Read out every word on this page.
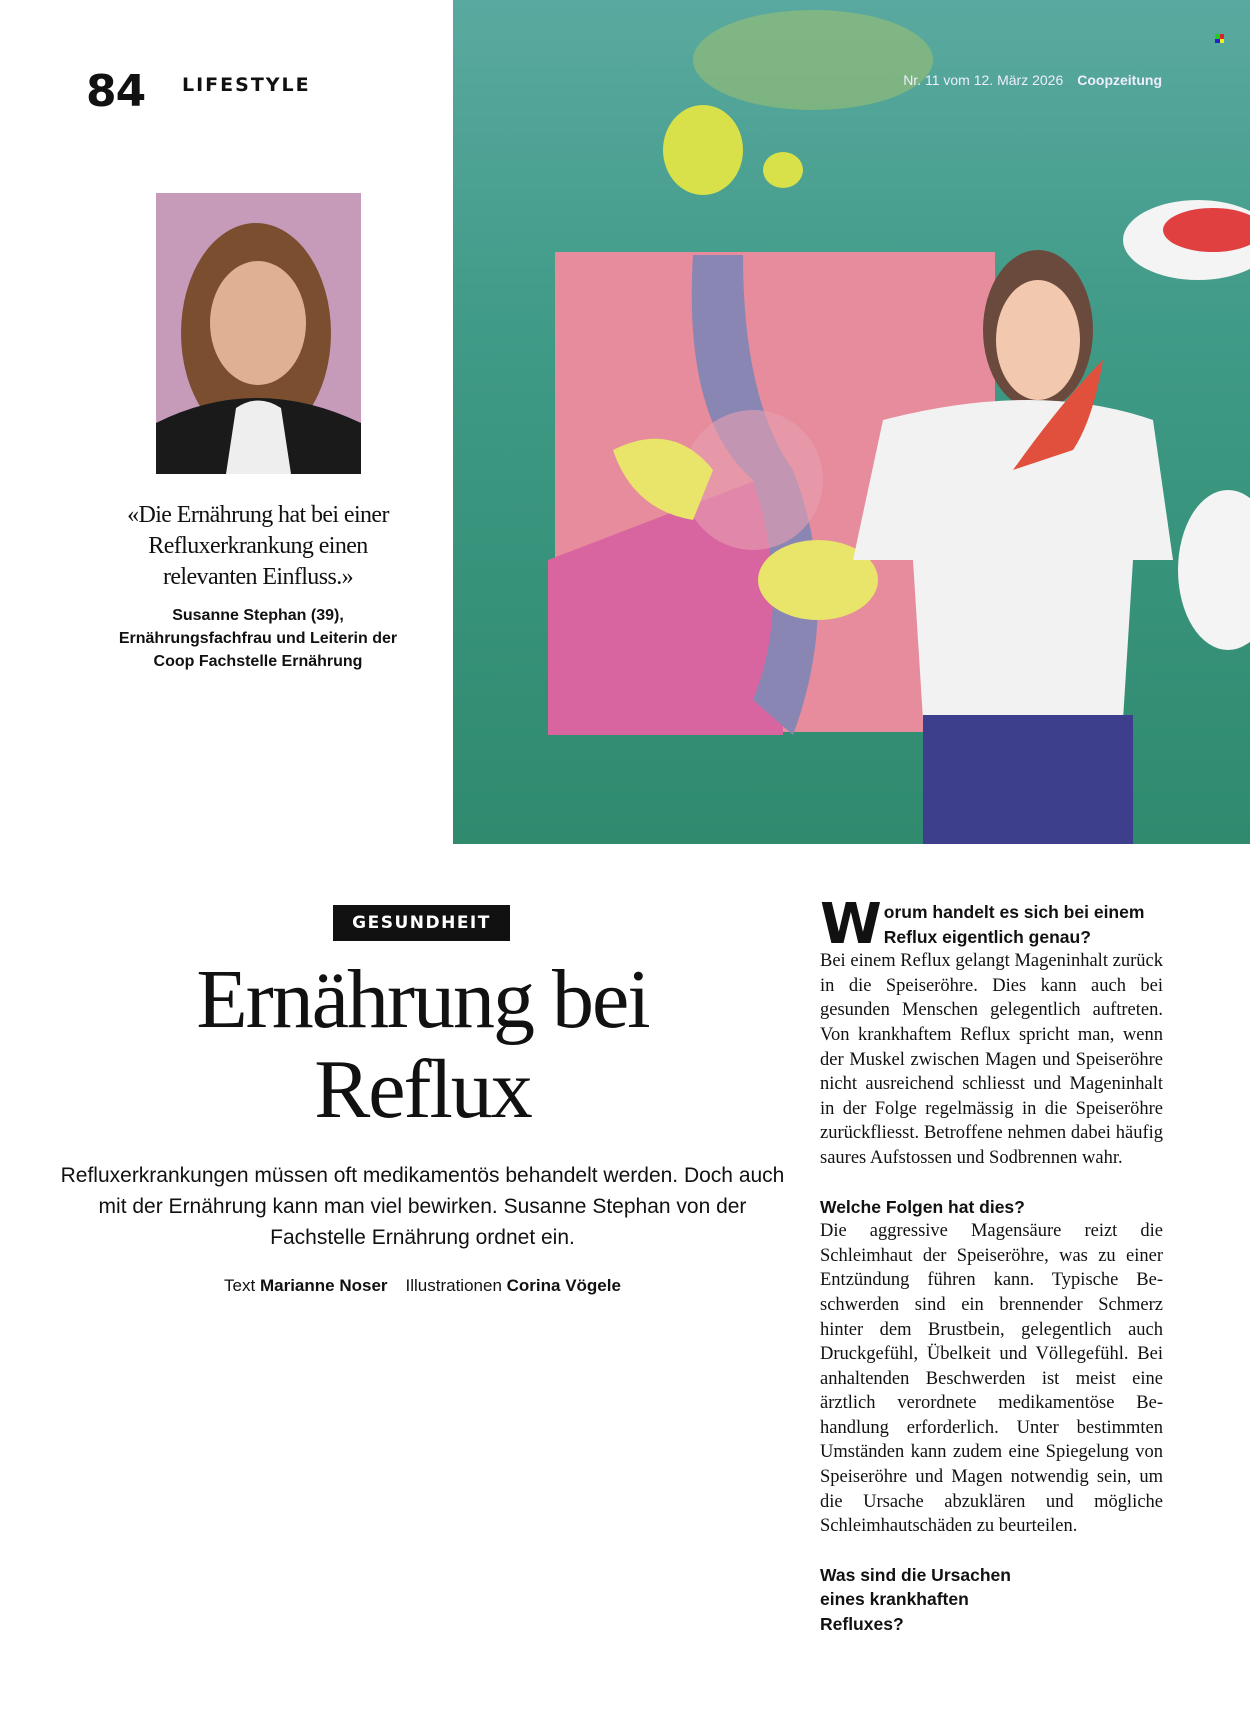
84 LIFESTYLE	Nr. 11 vom 12. März 2026 Coopzeitung
«Die Ernährung hat bei einer Refluxerkrankung einen relevanten Einfluss.»
Susanne Stephan (39),
Ernährungsfachfrau und Leiterin der Coop Fachstelle Ernährung
GESUNDHEIT
Ernährung bei
Reflux

Refluxerkrankungen müssen oft medikamentös behandelt werden. Doch auch mit der Ernährung kann man viel bewirken. Susanne Stephan von der Fachstelle Ernährung ordnet ein.

Text Marianne Noser Illustrationen Corina Vögele
W orum handelt es sich bei einem Reflux eigentlich genau?

Bei einem Reflux gelangt Mageninhalt zurück in die Speiseröhre. Dies kann auch bei gesunden Menschen gelegentlich auftreten. Von krankhaftem Reflux spricht man, wenn der Muskel zwischen Magen und Speiseröhre nicht ausreichend schliesst und Mageninhalt in der Folge regelmässig in die Speiseröhre zurückfliesst. Betroffene nehmen dabei häufig saures Aufstossen und Sodbrennen wahr.

Welche Folgen hat dies?

Die aggressive Magensäure reizt die Schleimhaut der Speiseröhre, was zu einer Entzündung führen kann. Typische Beschwerden sind ein brennender Schmerz hinter dem Brustbein, gelegentlich auch Druckgefühl, Übelkeit und Völlegefühl. Bei anhaltenden Beschwerden ist meist eine ärztlich verordnete medikamentöse Behandlung erforderlich. Unter bestimmten Umständen kann zudem eine Spiegelung von Speiseröhre und Magen notwendig sein, um die Ursache abzuklären und mögliche Schleimhautschäden zu beurteilen.

Was sind die Ursachen eines krankhaften Refluxes?
